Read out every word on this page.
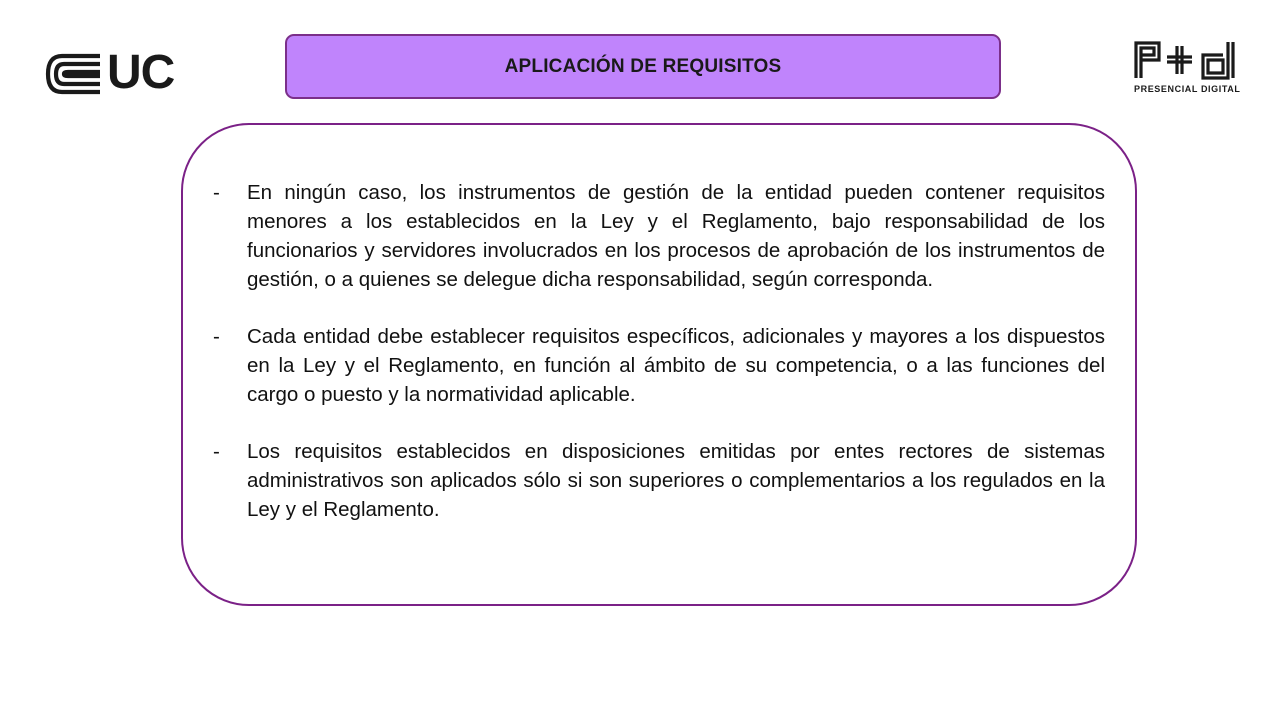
UC	APLICACIÓN DE REQUISITOS
PRESENCIAL DIGITAL
-	En ningún caso, los instrumentos de gestión de la entidad pueden contener requisitos menores a los establecidos en la Ley y el Reglamento, bajo responsabilidad de los funcionarios y servidores involucrados en los procesos de aprobación de los instrumentos de gestión, o a quienes se delegue dicha responsabilidad, según corresponda.
-	Cada entidad debe establecer requisitos específicos, adicionales y mayores a los dispuestos en la Ley y el Reglamento, en función al ámbito de su competencia, o a las funciones del cargo o puesto y la normatividad aplicable.
-	Los requisitos establecidos en disposiciones emitidas por entes rectores de sistemas administrativos son aplicados sólo si son superiores o complementarios a los regulados en la Ley y el Reglamento.
